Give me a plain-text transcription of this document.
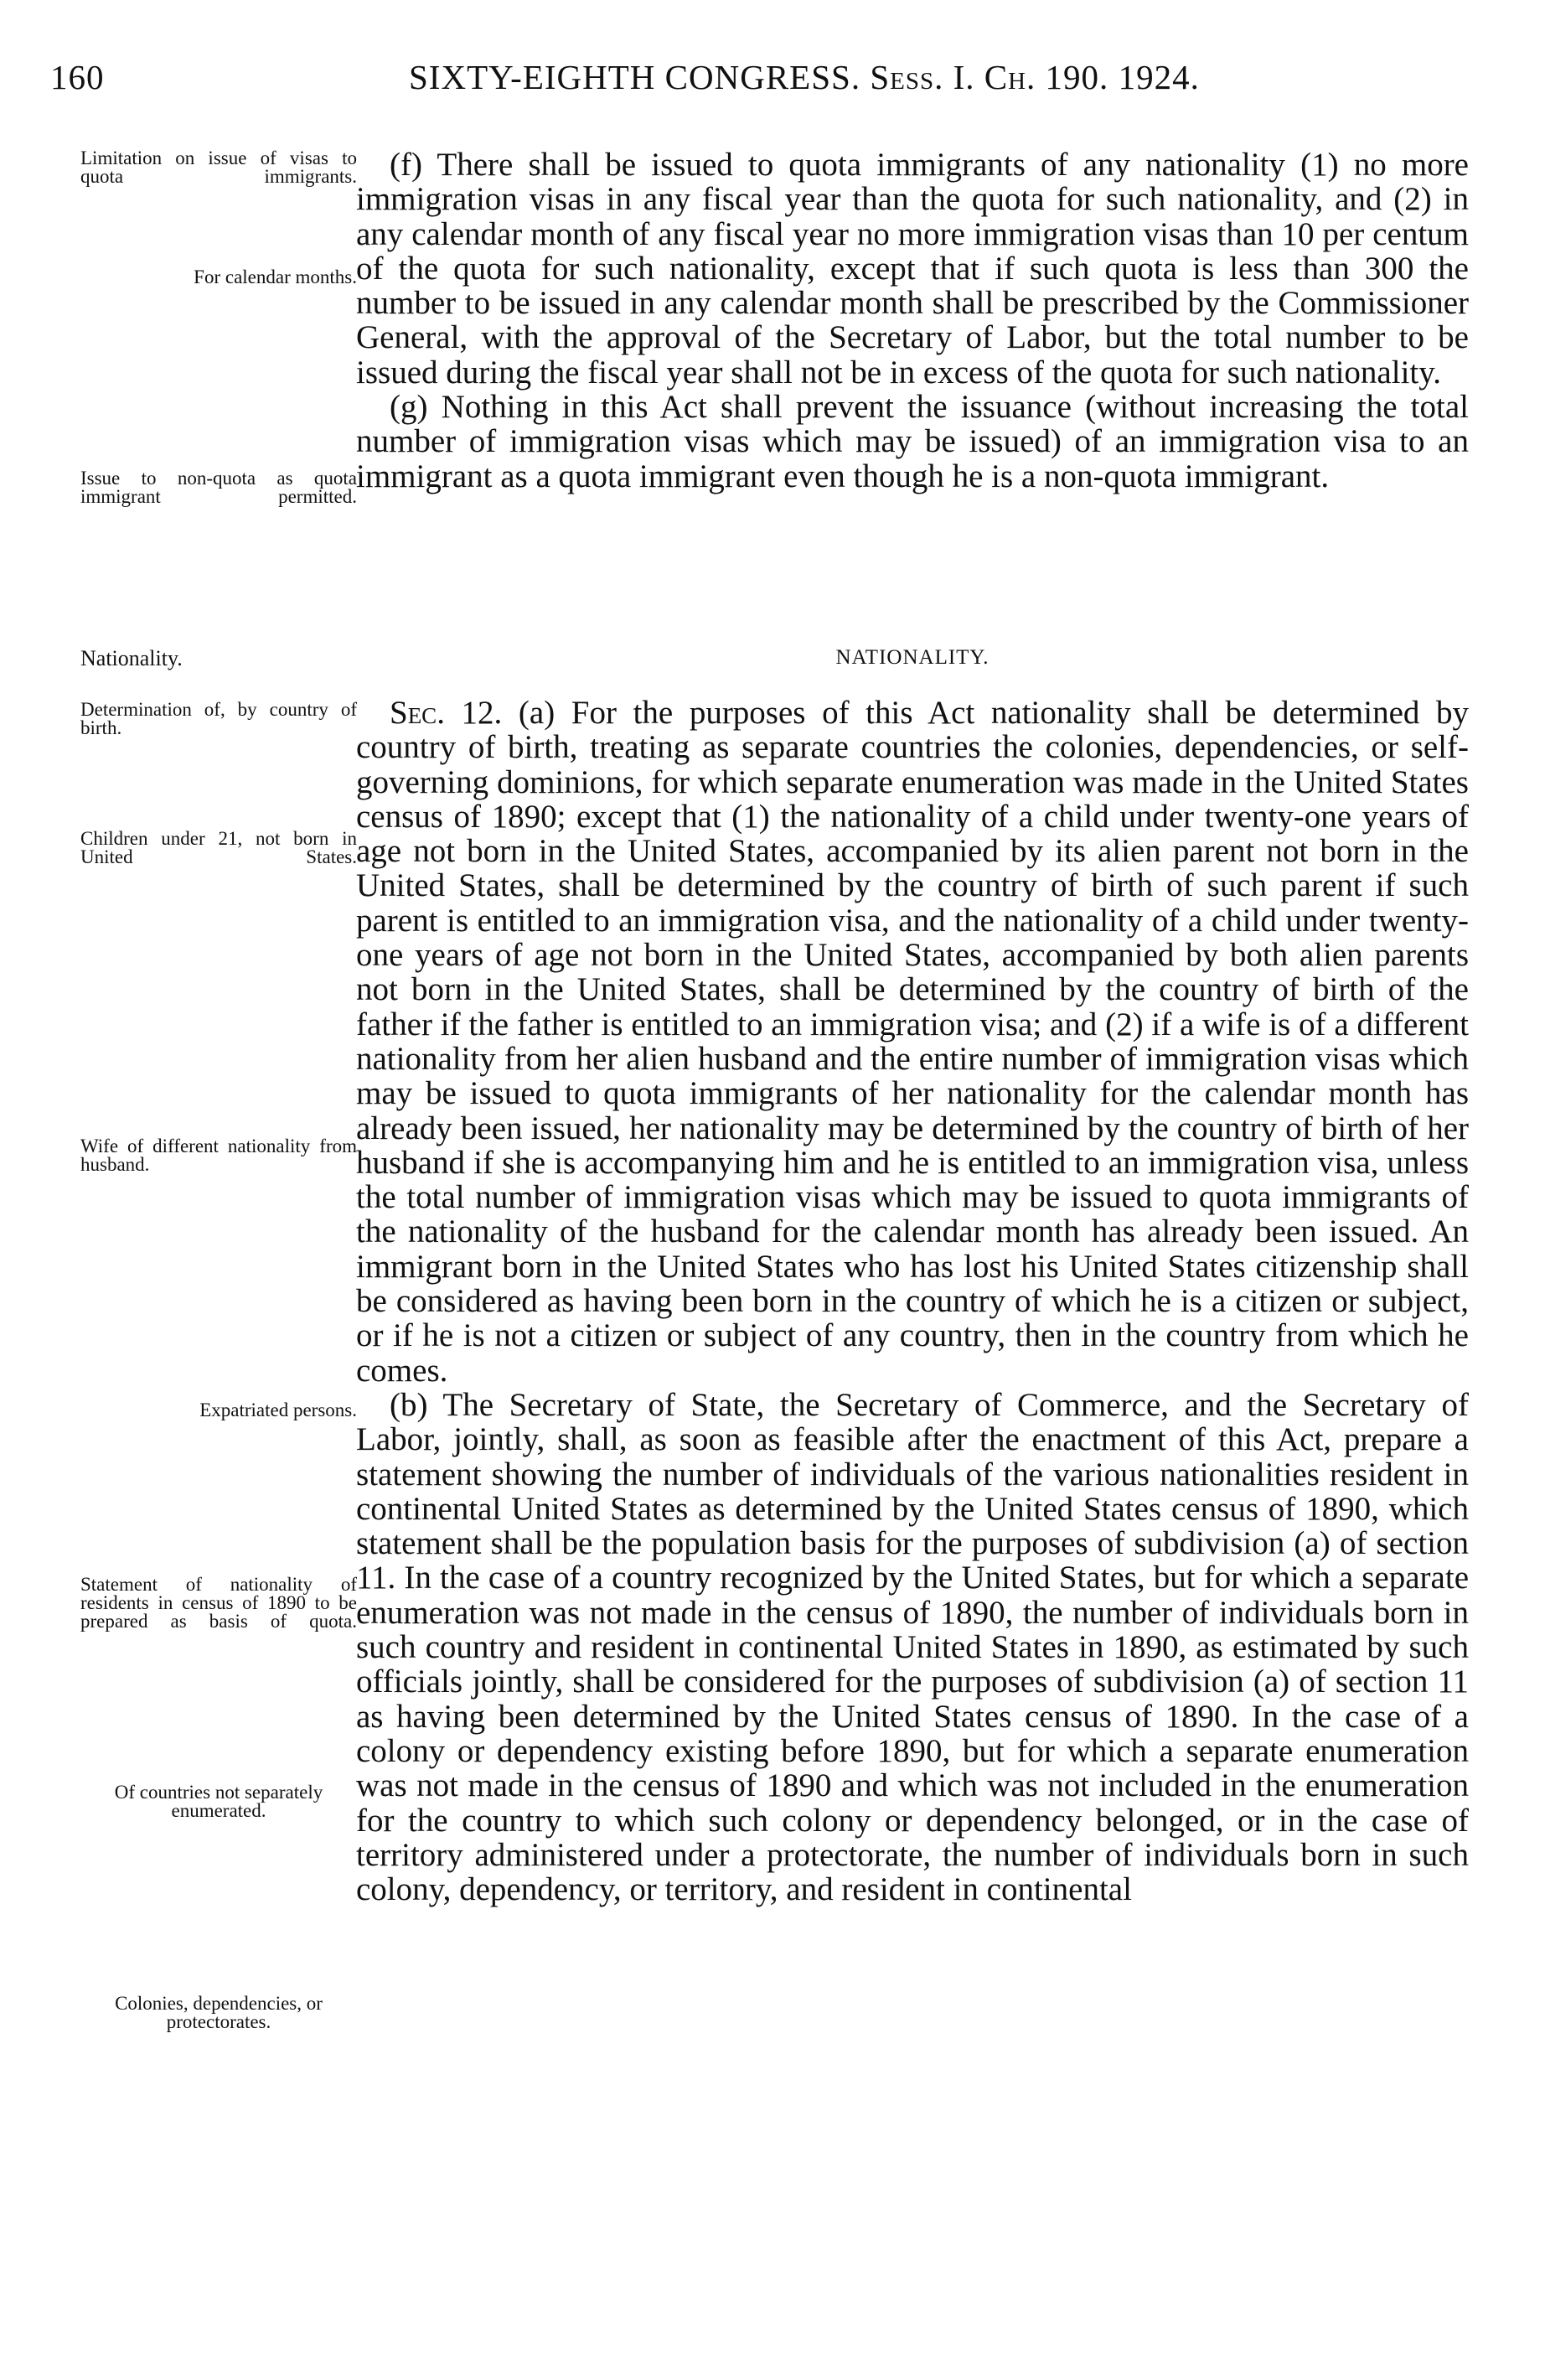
160	SIXTY-EIGHTH CONGRESS. Sess. I. Ch. 190. 1924.
Limitation on issue of visas to quota immigrants.
For calendar months.
Issue to non-quota as quota immigrant permitted.
Determination of, by country of birth.
Children under 21, not born in United States.
Wife of different nationality from husband.
Expatriated persons.
Statement of nationality of residents in census of 1890 to be prepared as basis of quota.
Of countries not separately enumerated.
Colonies, dependencies, or protectorates.
Nationality.	NATIONALITY.

(f) There shall be issued to quota immigrants of any nationality (1) no more immigration visas in any fiscal year than the quota for such nationality, and (2) in any calendar month of any fiscal year no more immigration visas than 10 per centum of the quota for such nationality, except that if such quota is less than 300 the number to be issued in any calendar month shall be prescribed by the Commissioner General, with the approval of the Secretary of Labor, but the total number to be issued during the fiscal year shall not be in excess of the quota for such nationality.

(g) Nothing in this Act shall prevent the issuance (without increasing the total number of immigration visas which may be issued) of an immigration visa to an immigrant as a quota immigrant even though he is a non-quota immigrant.

Sec. 12. (a) For the purposes of this Act nationality shall be determined by country of birth, treating as separate countries the colonies, dependencies, or self-governing dominions, for which separate enumeration was made in the United States census of 1890; except that (1) the nationality of a child under twenty-one years of age not born in the United States, accompanied by its alien parent not born in the United States, shall be determined by the country of birth of such parent if such parent is entitled to an immigration visa, and the nationality of a child under twenty-one years of age not born in the United States, accompanied by both alien parents not born in the United States, shall be determined by the country of birth of the father if the father is entitled to an immigration visa; and (2) if a wife is of a different nationality from her alien husband and the entire number of immigration visas which may be issued to quota immigrants of her nationality for the calendar month has already been issued, her nationality may be determined by the country of birth of her husband if she is accompanying him and he is entitled to an immigration visa, unless the total number of immigration visas which may be issued to quota immigrants of the nationality of the husband for the calendar month has already been issued. An immigrant born in the United States who has lost his United States citizenship shall be considered as having been born in the country of which he is a citizen or subject, or if he is not a citizen or subject of any country, then in the country from which he comes.

(b) The Secretary of State, the Secretary of Commerce, and the Secretary of Labor, jointly, shall, as soon as feasible after the enactment of this Act, prepare a statement showing the number of individuals of the various nationalities resident in continental United States as determined by the United States census of 1890, which statement shall be the population basis for the purposes of subdivision (a) of section 11. In the case of a country recognized by the United States, but for which a separate enumeration was not made in the census of 1890, the number of individuals born in such country and resident in continental United States in 1890, as estimated by such officials jointly, shall be considered for the purposes of subdivision (a) of section 11 as having been determined by the United States census of 1890. In the case of a colony or dependency existing before 1890, but for which a separate enumeration was not made in the census of 1890 and which was not included in the enumeration for the country to which such colony or dependency belonged, or in the case of territory administered under a protectorate, the number of individuals born in such colony, dependency, or territory, and resident in continental
